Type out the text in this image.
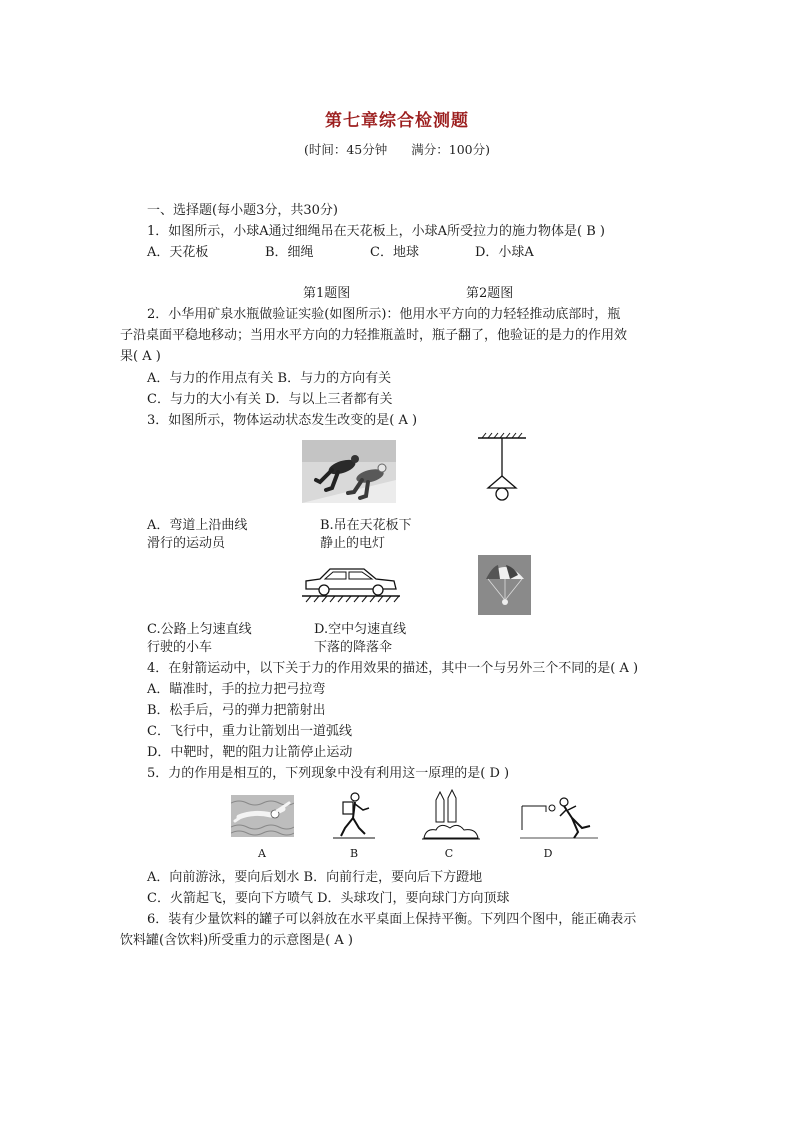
第七章综合检测题
(时间：45分钟 满分：100分)
一、选择题(每小题3分，共30分)
1．如图所示，小球A通过细绳吊在天花板上，小球A所受拉力的施力物体是( B )
A．天花板	B．细绳	C．地球	D．小球A
第1题图	第2题图
2．小华用矿泉水瓶做验证实验(如图所示)：他用水平方向的力轻轻推动底部时，瓶
子沿桌面平稳地移动；当用水平方向的力轻推瓶盖时，瓶子翻了，他验证的是力的作用效
果( A )
A．与力的作用点有关 B．与力的方向有关
C．与力的大小有关 D．与以上三者都有关
3．如图所示，物体运动状态发生改变的是( A )
A．弯道上沿曲线
滑行的运动员
B.吊在天花板下
静止的电灯
C.公路上匀速直线
行驶的小车
D.空中匀速直线
下落的降落伞
4．在射箭运动中，以下关于力的作用效果的描述，其中一个与另外三个不同的是( A )
A．瞄准时，手的拉力把弓拉弯
B．松手后，弓的弹力把箭射出
C．飞行中，重力让箭划出一道弧线
D．中靶时，靶的阻力让箭停止运动
5．力的作用是相互的，下列现象中没有利用这一原理的是( D )
A	B	C	D
A．向前游泳，要向后划水 B．向前行走，要向后下方蹬地
C．火箭起飞，要向下方喷气 D．头球攻门，要向球门方向顶球
6．装有少量饮料的罐子可以斜放在水平桌面上保持平衡。下列四个图中，能正确表示
饮料罐(含饮料)所受重力的示意图是( A )
